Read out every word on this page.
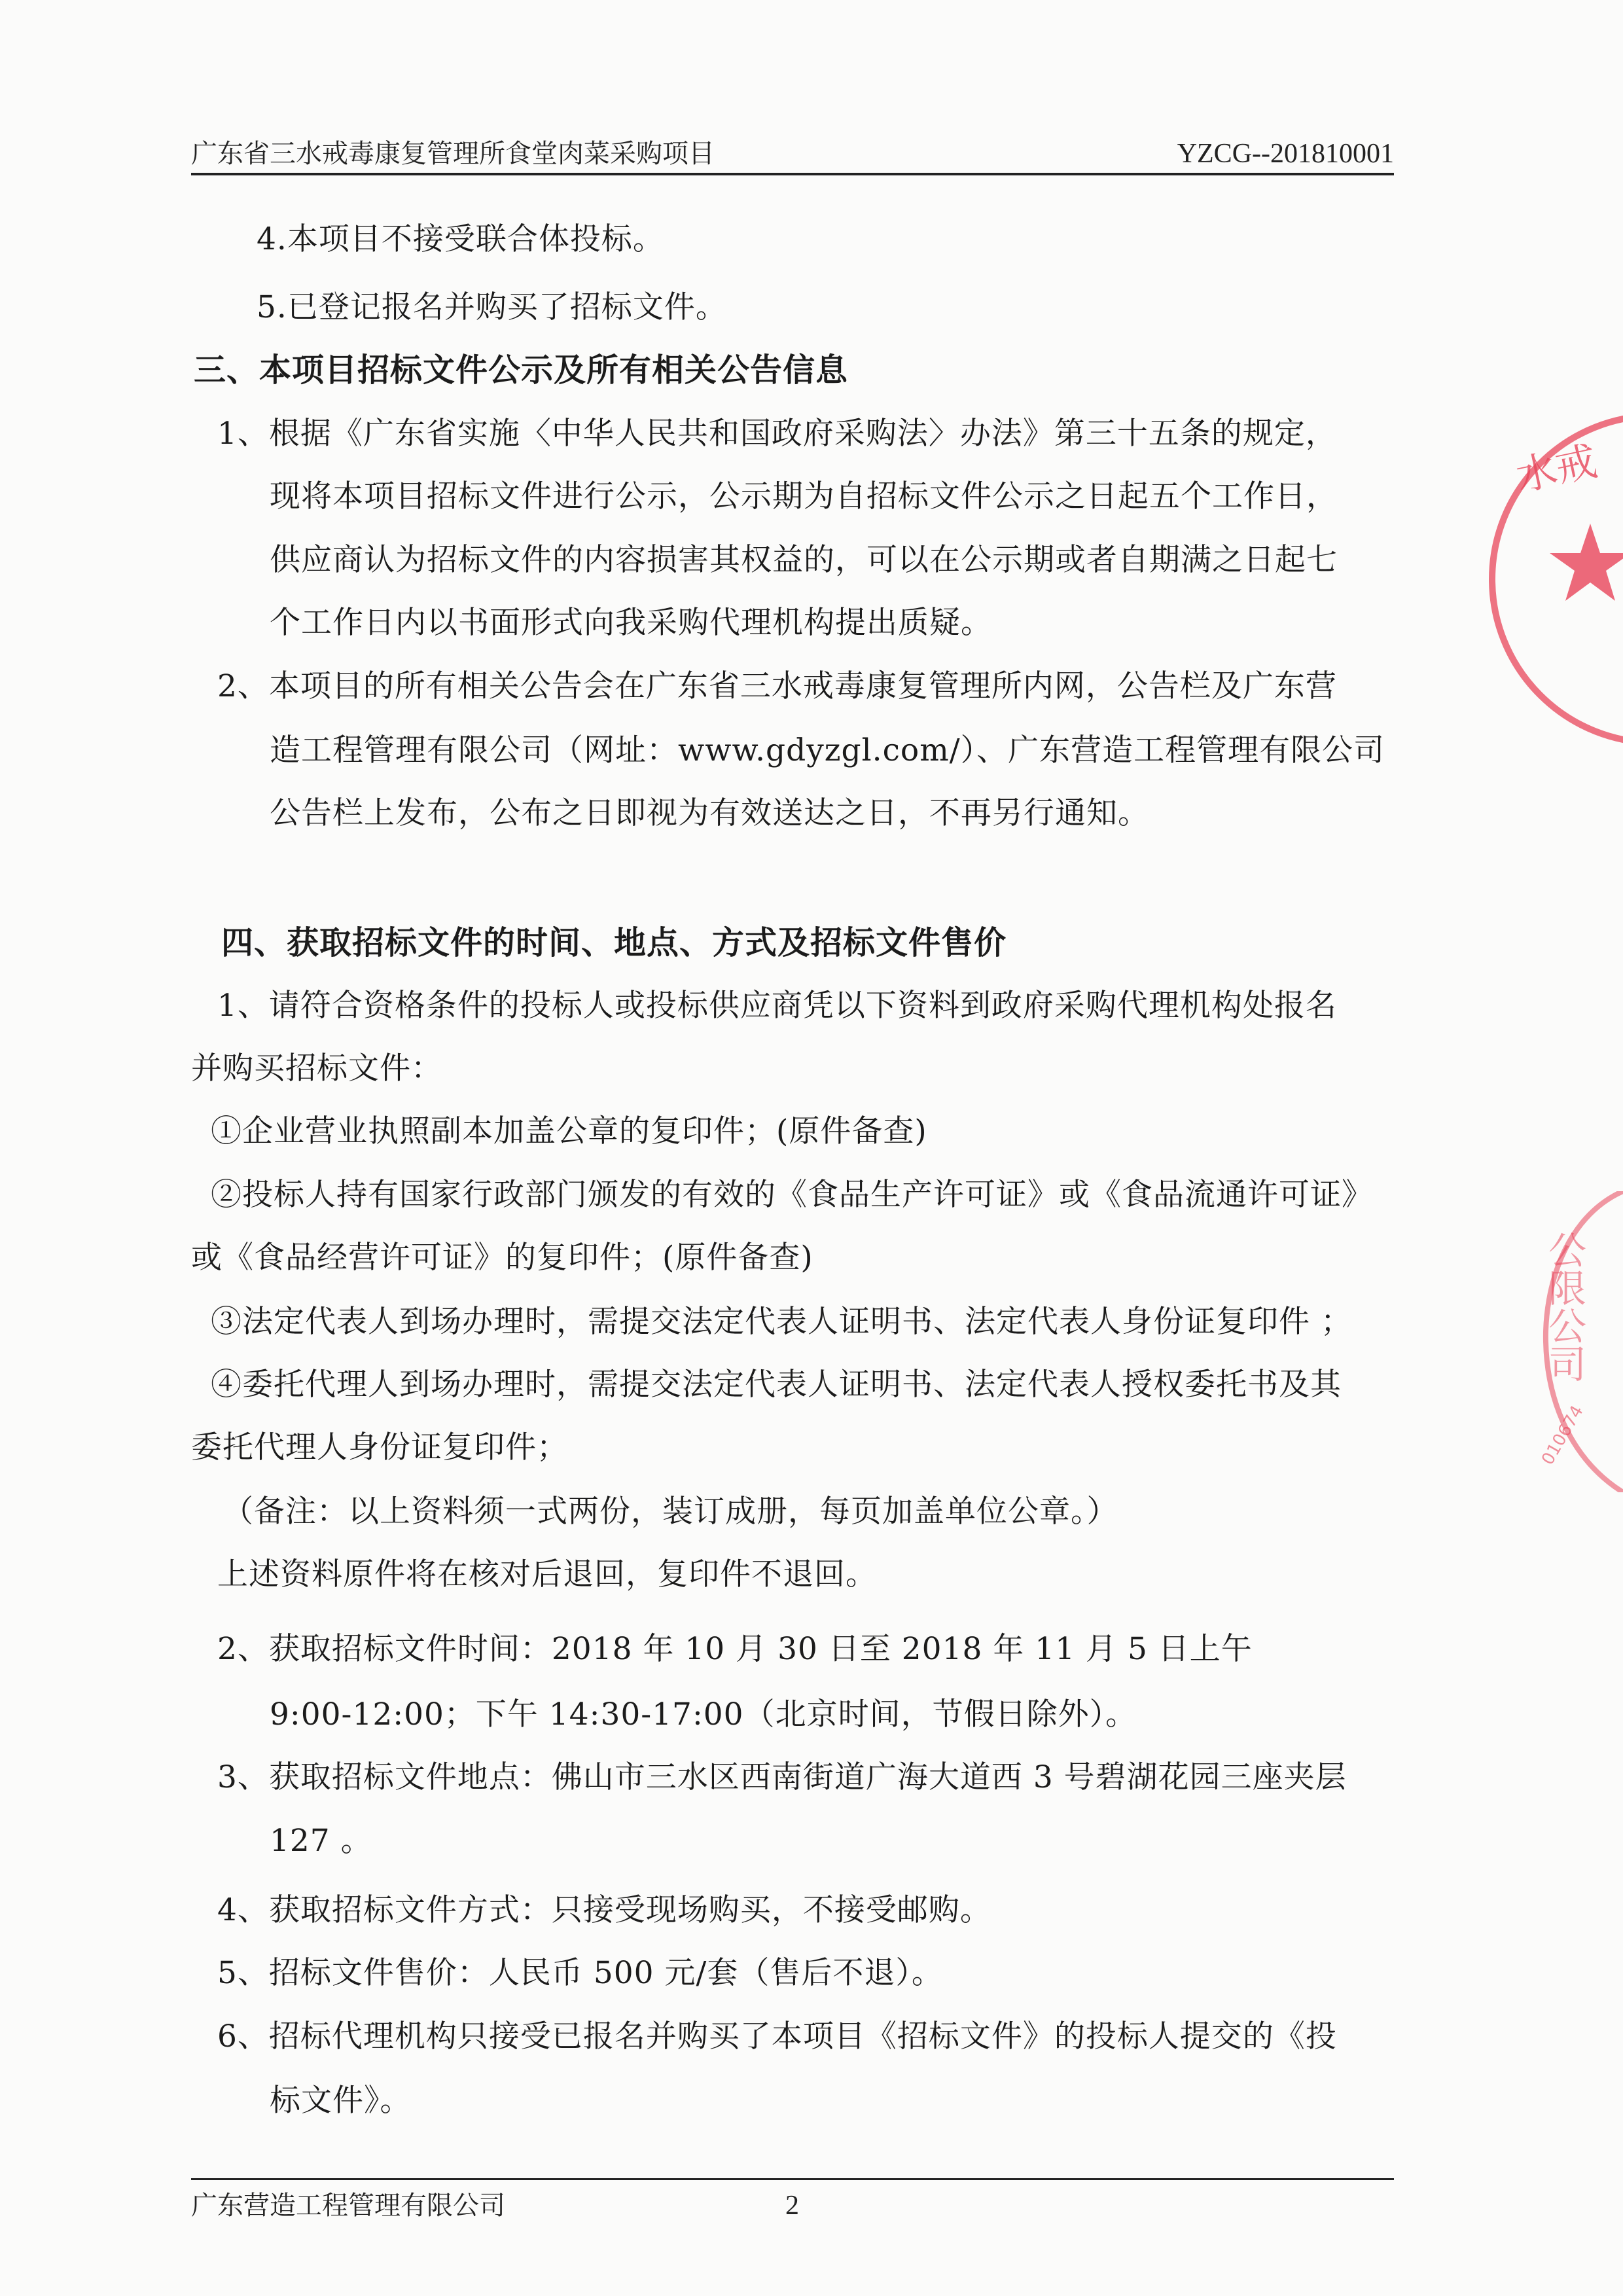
广东省三水戒毒康复管理所食堂肉菜采购项目	YZCG--201810001
4.本项目不接受联合体投标。
5.已登记报名并购买了招标文件。
三、本项目招标文件公示及所有相关公告信息
1、根据《广东省实施〈中华人民共和国政府采购法〉办法》第三十五条的规定，
现将本项目招标文件进行公示，公示期为自招标文件公示之日起五个工作日，
供应商认为招标文件的内容损害其权益的，可以在公示期或者自期满之日起七
个工作日内以书面形式向我采购代理机构提出质疑。
2、本项目的所有相关公告会在广东省三水戒毒康复管理所内网，公告栏及广东营
造工程管理有限公司（网址：www.gdyzgl.com/）、广东营造工程管理有限公司
公告栏上发布，公布之日即视为有效送达之日，不再另行通知。
四、获取招标文件的时间、地点、方式及招标文件售价
1、请符合资格条件的投标人或投标供应商凭以下资料到政府采购代理机构处报名
并购买招标文件：
①企业营业执照副本加盖公章的复印件；(原件备查)
②投标人持有国家行政部门颁发的有效的《食品生产许可证》或《食品流通许可证》
或《食品经营许可证》的复印件；(原件备查)
③法定代表人到场办理时，需提交法定代表人证明书、法定代表人身份证复印件 ；
④委托代理人到场办理时，需提交法定代表人证明书、法定代表人授权委托书及其
委托代理人身份证复印件；
（备注：以上资料须一式两份，装订成册，每页加盖单位公章。）
上述资料原件将在核对后退回，复印件不退回。
2、获取招标文件时间：2018 年 10 月 30 日至 2018 年 11 月 5 日上午
9:00-12:00；下午 14:30-17:00（北京时间，节假日除外）。
3、获取招标文件地点：佛山市三水区西南街道广海大道西 3 号碧湖花园三座夹层
127 。
4、获取招标文件方式：只接受现场购买，不接受邮购。
5、招标文件售价：人民币 500 元/套（售后不退）。
6、招标代理机构只接受已报名并购买了本项目《招标文件》的投标人提交的《投
标文件》。
水戒
公限公司
010674
广东营造工程管理有限公司	2
